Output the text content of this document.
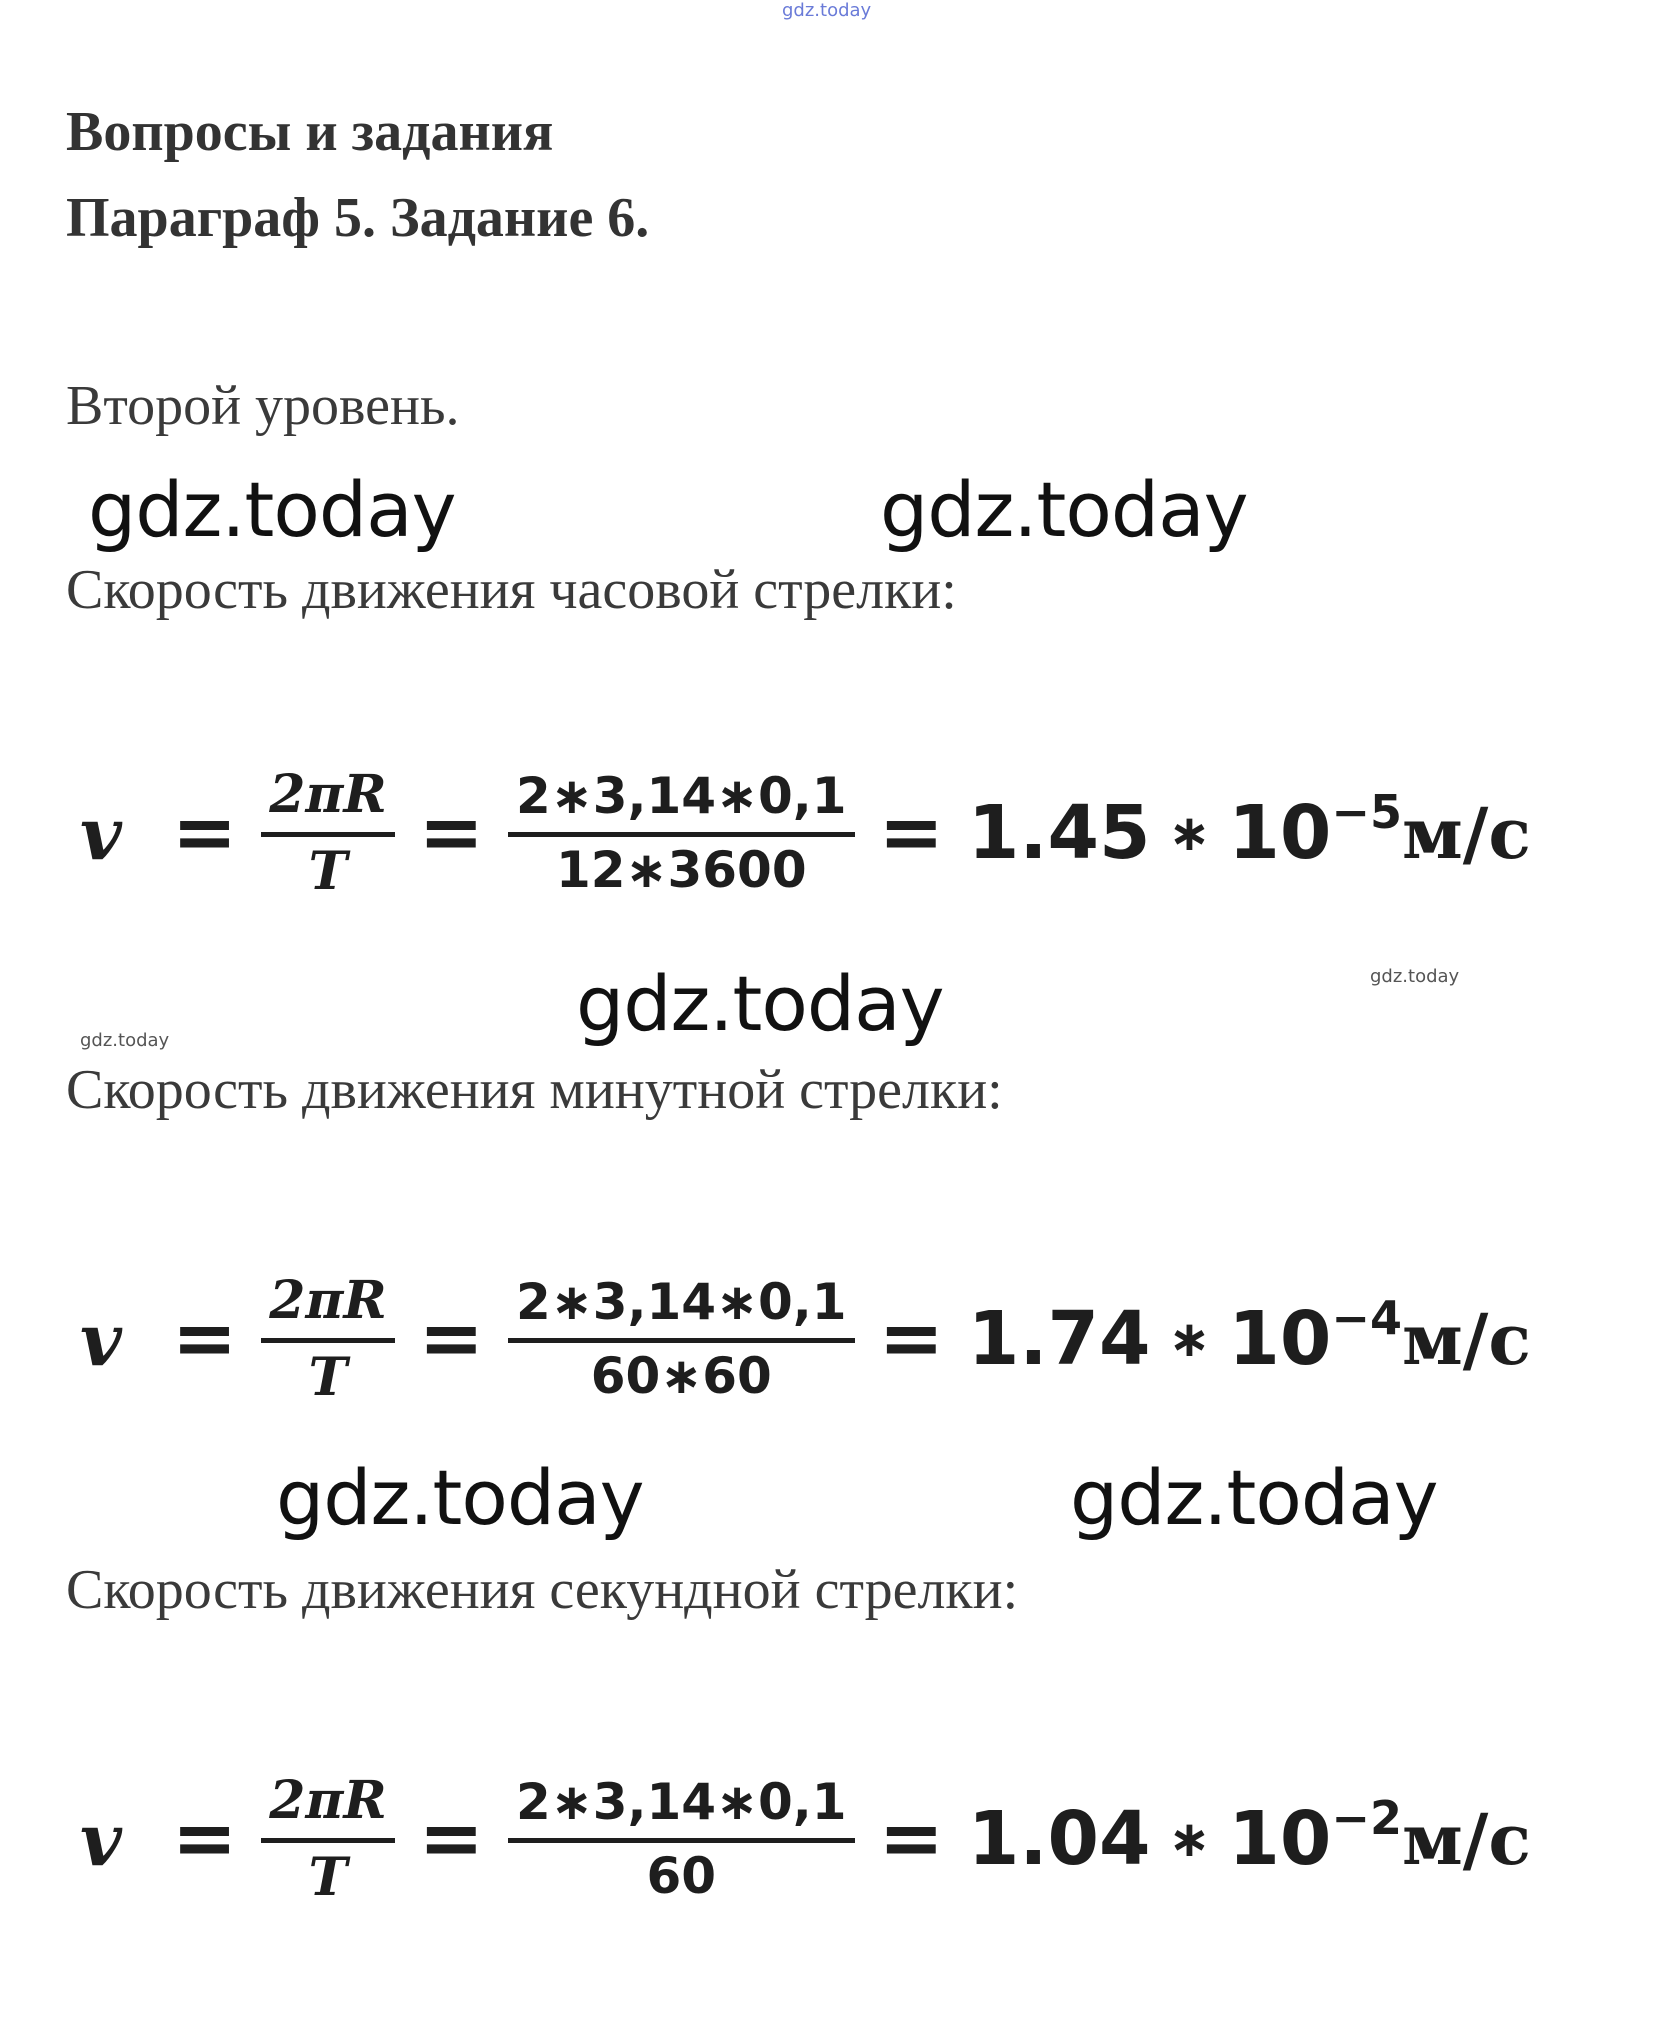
gdz.today
Вопросы и задания
Параграф 5. Задание 6.
Второй уровень.
gdz.today	gdz.today
Скорость движения часовой стрелки:
v = 2πR
T = 2∗3,14∗0,1
12∗3600 = 1.45 ∗ $10^{-5}$ м/с
gdz.today
gdz.today
gdz.today
Скорость движения минутной стрелки:
v = 2πR
T = 2∗3,14∗0,1
60∗60 = 1.74 ∗ $10^{-4}$ м/с
gdz.today	gdz.today
Скорость движения секундной стрелки:
v = 2πR
T = 2∗3,14∗0,1
60 = 1.04 ∗ $10^{-2}$ м/с
